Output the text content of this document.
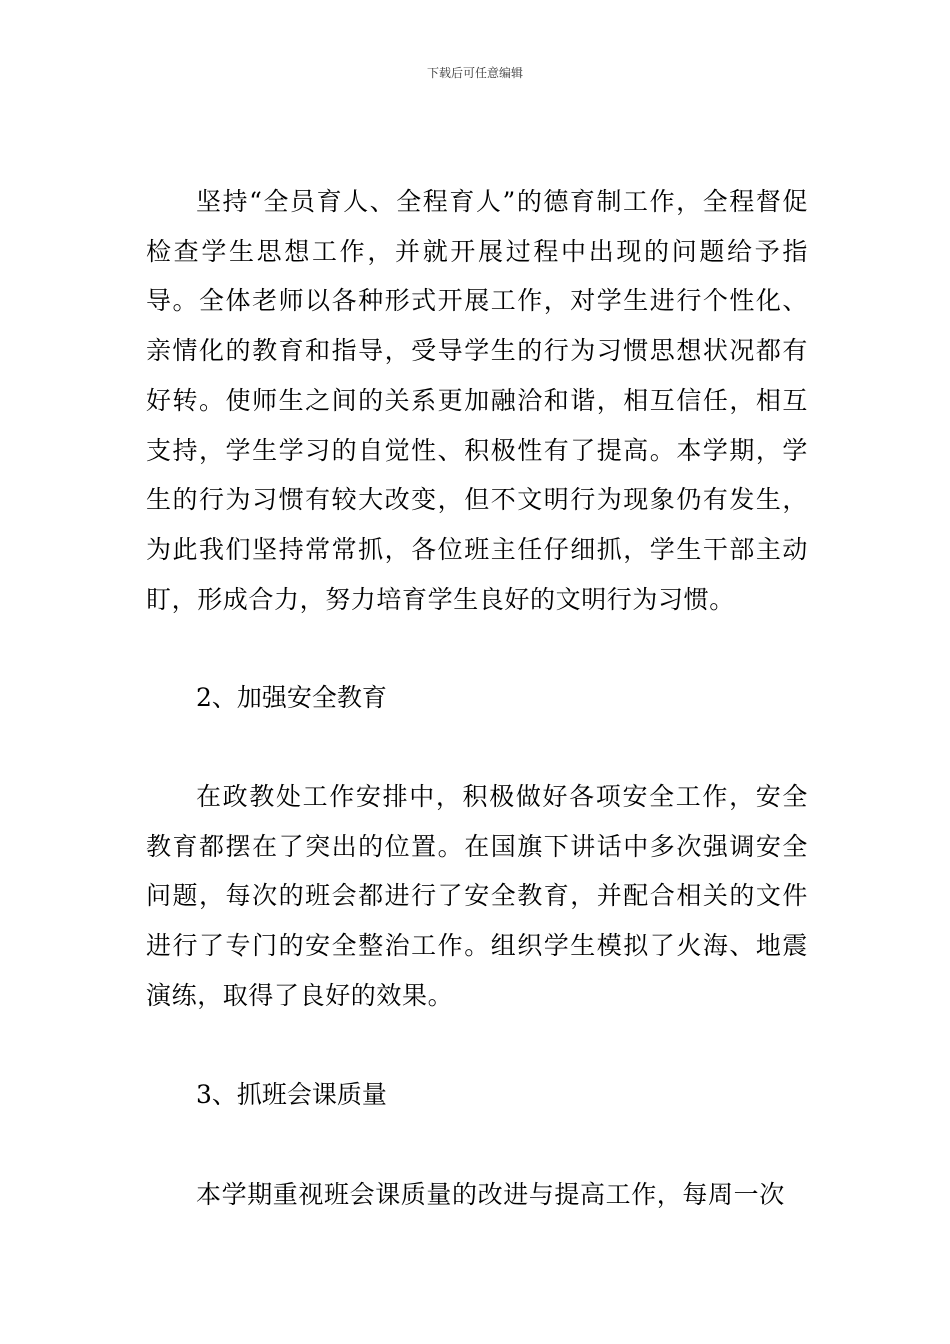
下载后可任意编辑

坚持“全员育人、全程育人”的德育制工作，全程督促检查学生思想工作，并就开展过程中出现的问题给予指导。全体老师以各种形式开展工作，对学生进行个性化、亲情化的教育和指导，受导学生的行为习惯思想状况都有好转。使师生之间的关系更加融洽和谐，相互信任，相互支持，学生学习的自觉性、积极性有了提高。本学期，学生的行为习惯有较大改变，但不文明行为现象仍有发生，为此我们坚持常常抓，各位班主任仔细抓，学生干部主动盯，形成合力，努力培育学生良好的文明行为习惯。

2、加强安全教育

在政教处工作安排中，积极做好各项安全工作，安全教育都摆在了突出的位置。在国旗下讲话中多次强调安全问题，每次的班会都进行了安全教育，并配合相关的文件进行了专门的安全整治工作。组织学生模拟了火海、地震演练，取得了良好的效果。

3、抓班会课质量

本学期重视班会课质量的改进与提高工作，每周一次
